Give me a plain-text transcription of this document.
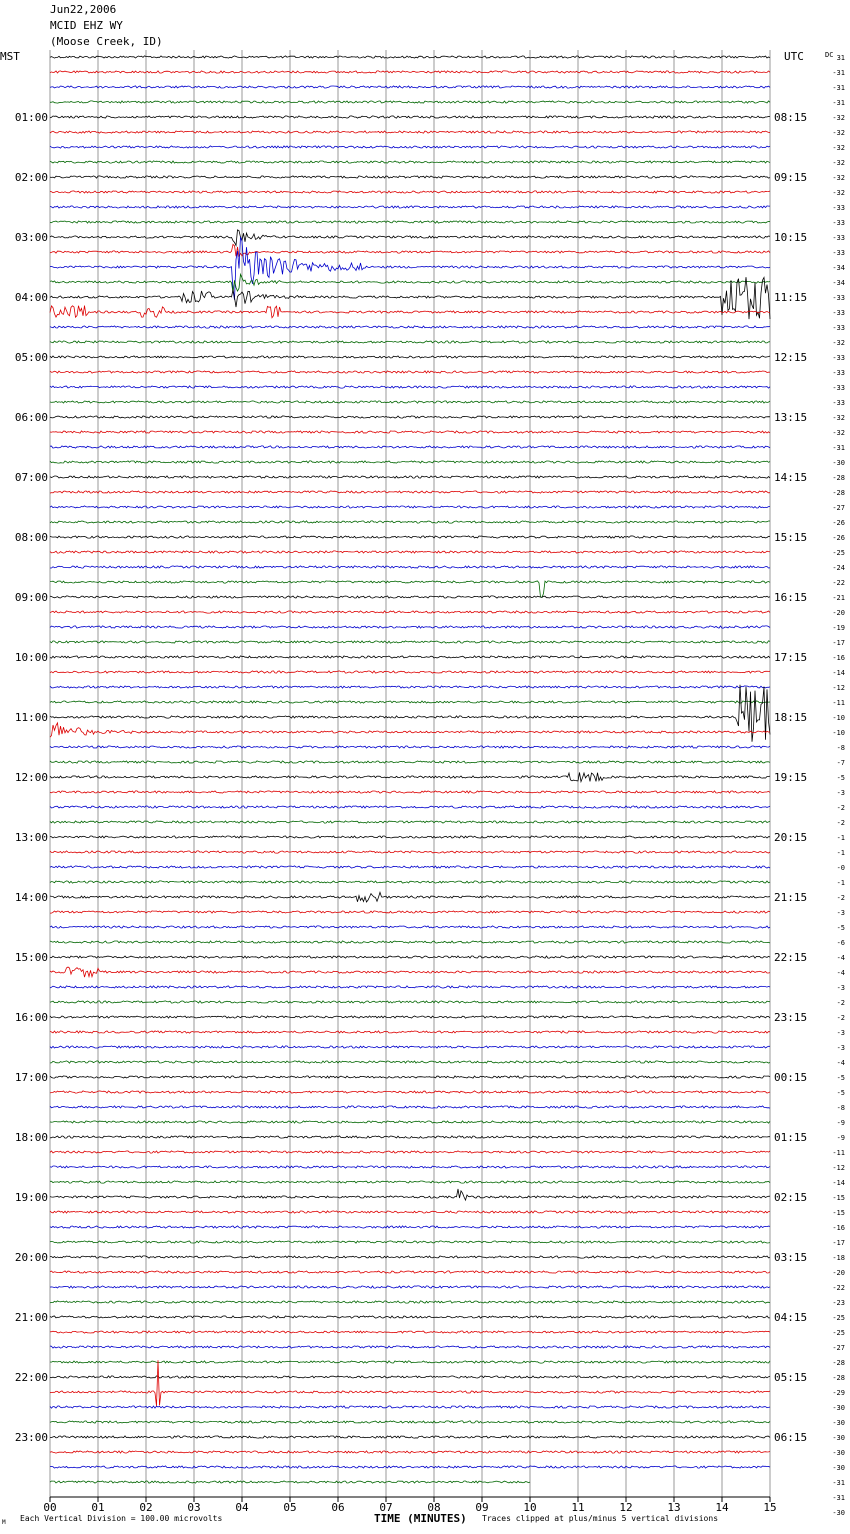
Jun22,2006
MCID EHZ WY
(Moose Creek, ID)
00	01	02	03	04	05	06	07	08	09	10	11	12	13	14	15
01:00
02:00
03:00
04:00
05:00
06:00
07:00
08:00
09:00
10:00
11:00
12:00
13:00
14:00
15:00
16:00
17:00
18:00
19:00
20:00
21:00
22:00
23:00
08:15
09:15
10:15
11:15
12:15
13:15
14:15
15:15
16:15
17:15
18:15
19:15
20:15
21:15
22:15
23:15
00:15
01:15
02:15
03:15
04:15
05:15
06:15
31
-31
-31
-31
-32
-32
-32
-32
-32
-32
-33
-33
-33
-33
-34
-34
-33
-33
-33
-32
-33
-33
-33
-33
-32
-32
-31
-30
-28
-28
-27
-26
-26
-25
-24
-22
-21
-20
-19
-17
-16
-14
-12
-11
-10
-10
-8
-7
-5
-3
-2
-2
-1
-1
-0
-1
-2
-3
-5
-6
-4
-4
-3
-2
-2
-3
-3
-4
-5
-5
-8
-9
-9
-11
-12
-14
-15
-15
-16
-17
-18
-20
-22
-23
-25
-25
-27
-28
-28
-29
-30
-30
-30
-30
-30
-31
-31
-30
MST	UTC	DC
M Each Vertical Division = 100.00 microvolts	TIME (MINUTES) Traces clipped at plus/minus 5 vertical divisions
